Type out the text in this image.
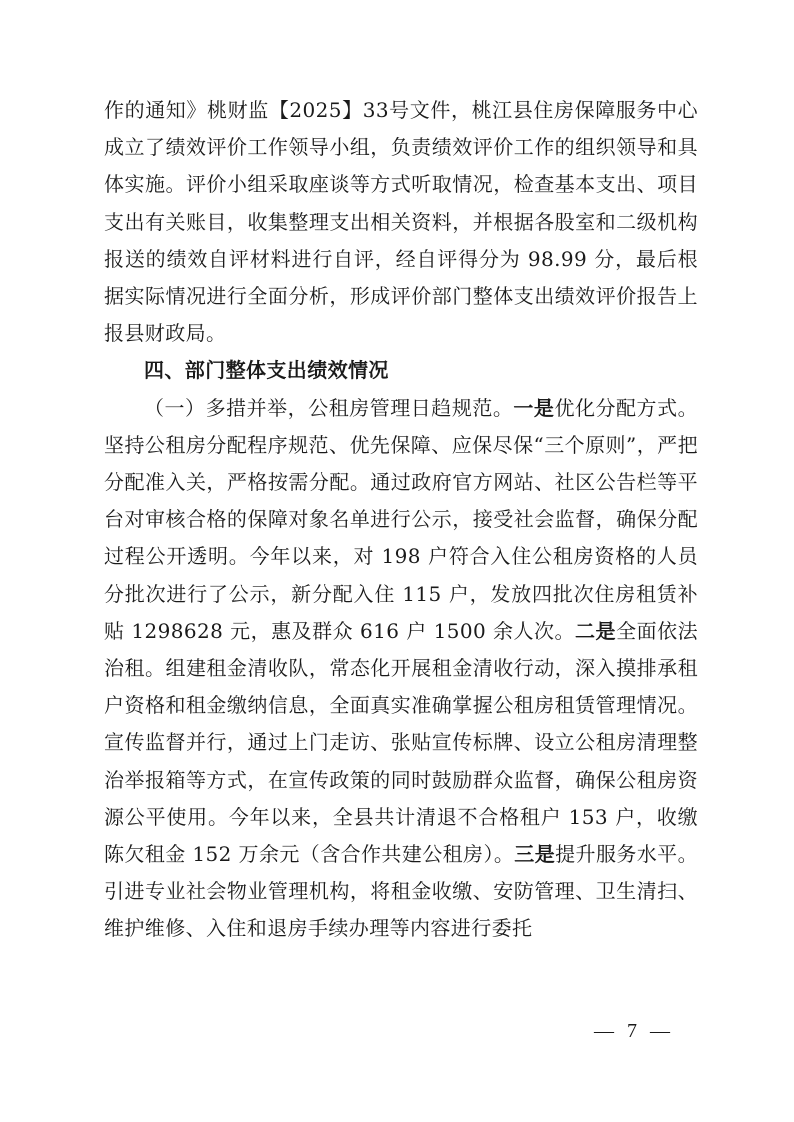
作的通知》桃财监【2025】33号文件，桃江县住房保障服务中心成立了绩效评价工作领导小组，负责绩效评价工作的组织领导和具体实施。评价小组采取座谈等方式听取情况，检查基本支出、项目支出有关账目，收集整理支出相关资料，并根据各股室和二级机构报送的绩效自评材料进行自评，经自评得分为 98.99 分，最后根据实际情况进行全面分析，形成评价部门整体支出绩效评价报告上报县财政局。

四、部门整体支出绩效情况

（一）多措并举，公租房管理日趋规范。一是优化分配方式。坚持公租房分配程序规范、优先保障、应保尽保“三个原则”，严把分配准入关，严格按需分配。通过政府官方网站、社区公告栏等平台对审核合格的保障对象名单进行公示，接受社会监督，确保分配过程公开透明。今年以来，对 198 户符合入住公租房资格的人员分批次进行了公示，新分配入住 115 户，发放四批次住房租赁补贴 1298628 元，惠及群众 616 户 1500 余人次。二是全面依法治租。组建租金清收队，常态化开展租金清收行动，深入摸排承租户资格和租金缴纳信息，全面真实准确掌握公租房租赁管理情况。宣传监督并行，通过上门走访、张贴宣传标牌、设立公租房清理整治举报箱等方式，在宣传政策的同时鼓励群众监督，确保公租房资源公平使用。今年以来，全县共计清退不合格租户 153 户，收缴陈欠租金 152 万余元（含合作共建公租房）。三是提升服务水平。引进专业社会物业管理机构，将租金收缴、安防管理、卫生清扫、维护维修、入住和退房手续办理等内容进行委托

— 7 —
